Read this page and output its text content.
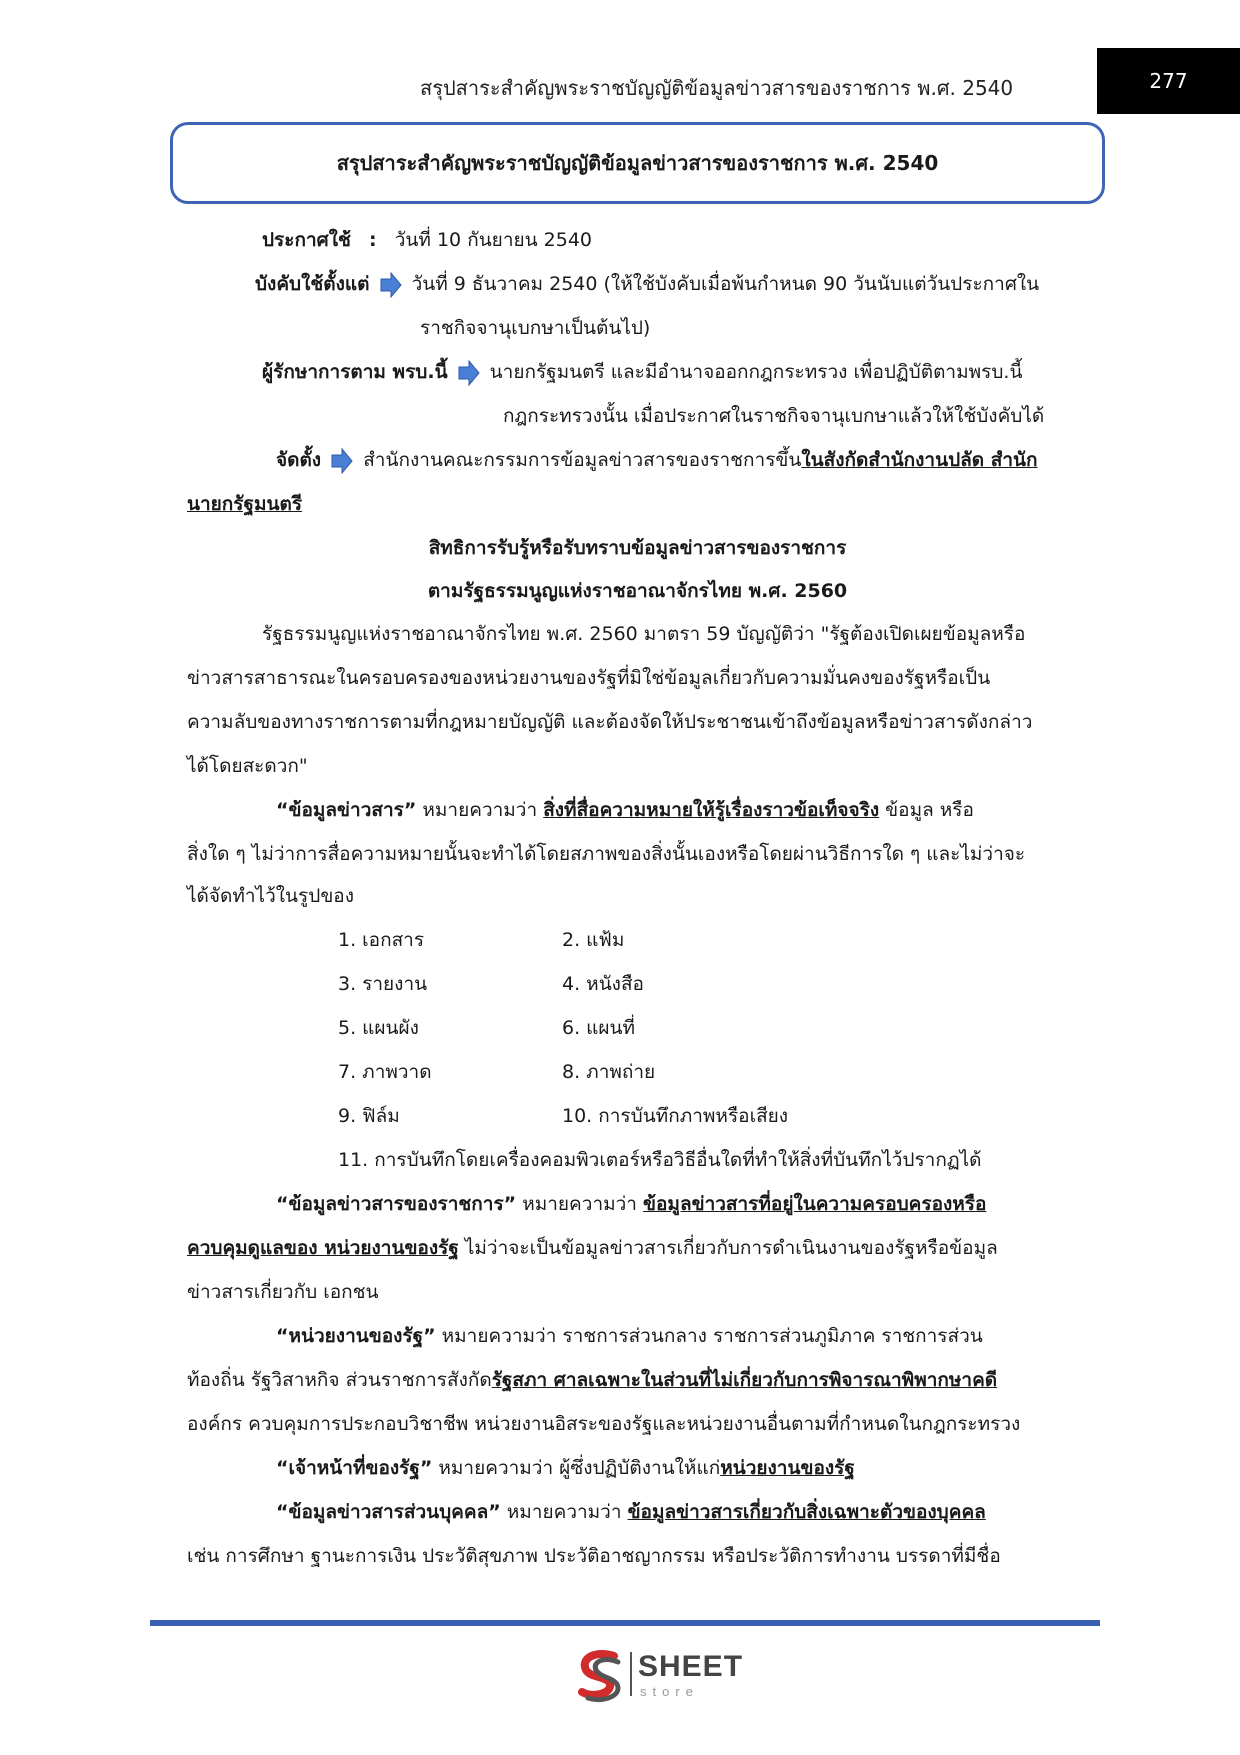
สรุปสาระสำคัญพระราชบัญญัติข้อมูลข่าวสารของราชการ พ.ศ. 2540	277
สรุปสาระสำคัญพระราชบัญญัติข้อมูลข่าวสารของราชการ พ.ศ. 2540
ประกาศใช้ : วันที่ 10 กันยายน 2540
บังคับใช้ตั้งแต่ วันที่ 9 ธันวาคม 2540 (ให้ใช้บังคับเมื่อพ้นกำหนด 90 วันนับแต่วันประกาศใน
ราชกิจจานุเบกษาเป็นต้นไป)
ผู้รักษาการตาม พรบ.นี้ นายกรัฐมนตรี และมีอำนาจออกกฎกระทรวง เพื่อปฏิบัติตามพรบ.นี้
กฎกระทรวงนั้น เมื่อประกาศในราชกิจจานุเบกษาแล้วให้ใช้บังคับได้
จัดตั้ง สำนักงานคณะกรรมการข้อมูลข่าวสารของราชการขึ้นในสังกัดสำนักงานปลัด สำนัก
นายกรัฐมนตรี
สิทธิการรับรู้หรือรับทราบข้อมูลข่าวสารของราชการ
ตามรัฐธรรมนูญแห่งราชอาณาจักรไทย พ.ศ. 2560
รัฐธรรมนูญแห่งราชอาณาจักรไทย พ.ศ. 2560 มาตรา 59 บัญญัติว่า "รัฐต้องเปิดเผยข้อมูลหรือ
ข่าวสารสาธารณะในครอบครองของหน่วยงานของรัฐที่มิใช่ข้อมูลเกี่ยวกับความมั่นคงของรัฐหรือเป็น
ความลับของทางราชการตามที่กฎหมายบัญญัติ และต้องจัดให้ประชาชนเข้าถึงข้อมูลหรือข่าวสารดังกล่าว
ได้โดยสะดวก"
“ข้อมูลข่าวสาร” หมายความว่า สิ่งที่สื่อความหมายให้รู้เรื่องราวข้อเท็จจริง ข้อมูล หรือ
สิ่งใด ๆ ไม่ว่าการสื่อความหมายนั้นจะทำได้โดยสภาพของสิ่งนั้นเองหรือโดยผ่านวิธีการใด ๆ และไม่ว่าจะ
ได้จัดทำไว้ในรูปของ
1. เอกสาร	2. แฟ้ม
3. รายงาน	4. หนังสือ
5. แผนผัง	6. แผนที่
7. ภาพวาด	8. ภาพถ่าย
9. ฟิล์ม	10. การบันทึกภาพหรือเสียง
11. การบันทึกโดยเครื่องคอมพิวเตอร์หรือวิธีอื่นใดที่ทำให้สิ่งที่บันทึกไว้ปรากฏได้
“ข้อมูลข่าวสารของราชการ” หมายความว่า ข้อมูลข่าวสารที่อยู่ในความครอบครองหรือ
ควบคุมดูแลของ หน่วยงานของรัฐ ไม่ว่าจะเป็นข้อมูลข่าวสารเกี่ยวกับการดำเนินงานของรัฐหรือข้อมูล
ข่าวสารเกี่ยวกับ เอกชน
“หน่วยงานของรัฐ” หมายความว่า ราชการส่วนกลาง ราชการส่วนภูมิภาค ราชการส่วน
ท้องถิ่น รัฐวิสาหกิจ ส่วนราชการสังกัดรัฐสภา ศาลเฉพาะในส่วนที่ไม่เกี่ยวกับการพิจารณาพิพากษาคดี
องค์กร ควบคุมการประกอบวิชาชีพ หน่วยงานอิสระของรัฐและหน่วยงานอื่นตามที่กำหนดในกฎกระทรวง
“เจ้าหน้าที่ของรัฐ” หมายความว่า ผู้ซึ่งปฏิบัติงานให้แก่หน่วยงานของรัฐ
“ข้อมูลข่าวสารส่วนบุคคล” หมายความว่า ข้อมูลข่าวสารเกี่ยวกับสิ่งเฉพาะตัวของบุคคล
เช่น การศึกษา ฐานะการเงิน ประวัติสุขภาพ ประวัติอาชญากรรม หรือประวัติการทำงาน บรรดาที่มีชื่อ
SHEET
store
